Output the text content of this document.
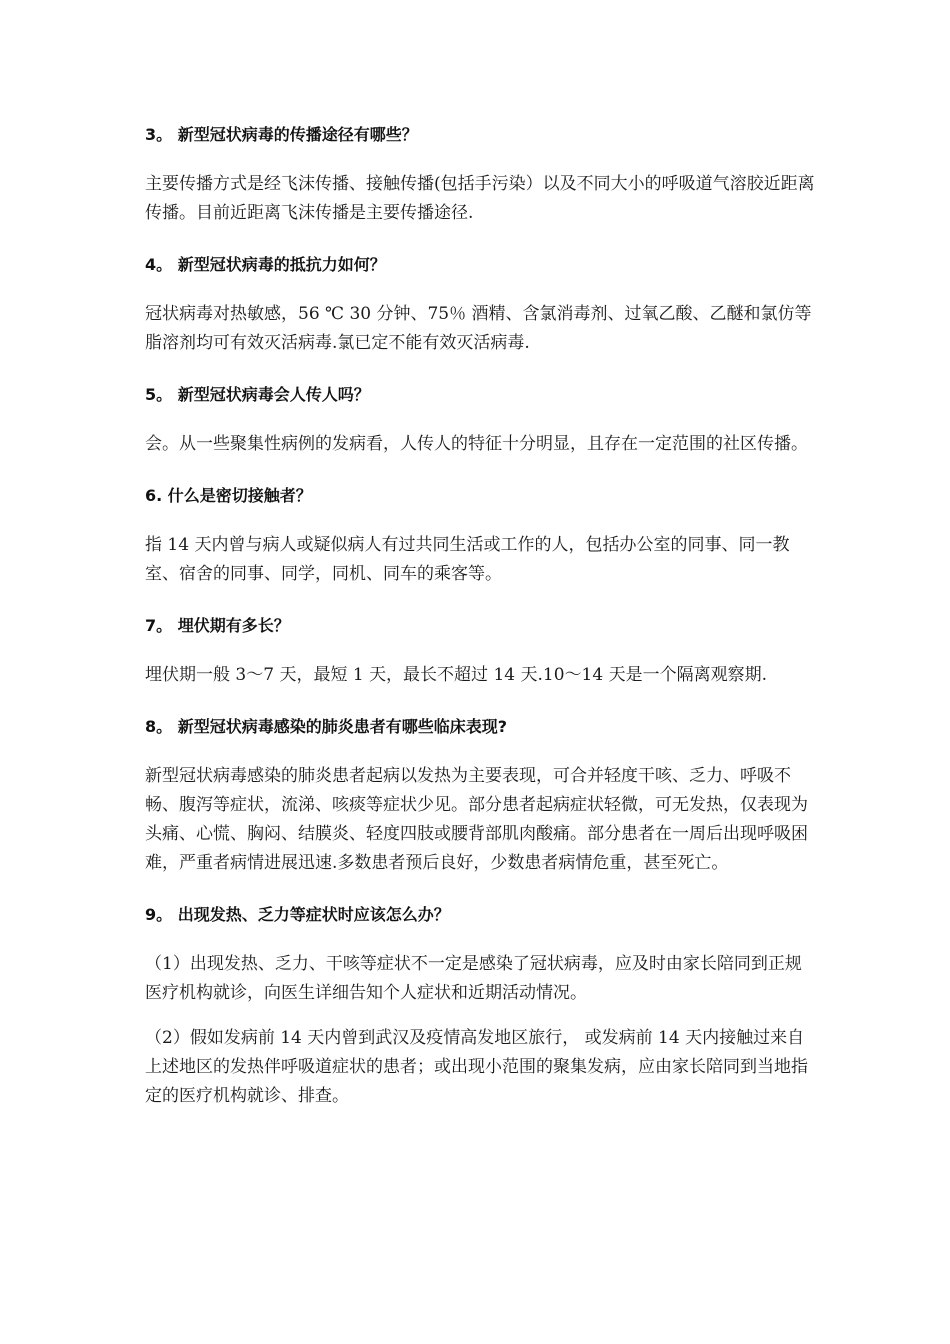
3。 新型冠状病毒的传播途径有哪些？
主要传播方式是经飞沫传播、接触传播(包括手污染）以及不同大小的呼吸道气溶胶近距离传播。目前近距离飞沫传播是主要传播途径.
4。 新型冠状病毒的抵抗力如何？
冠状病毒对热敏感，56 ℃ 30 分钟、75％ 酒精、含氯消毒剂、过氧乙酸、乙醚和氯仿等脂溶剂均可有效灭活病毒.氯已定不能有效灭活病毒.
5。 新型冠状病毒会人传人吗？
会。从一些聚集性病例的发病看，人传人的特征十分明显，且存在一定范围的社区传播。
6. 什么是密切接触者？
指 14 天内曾与病人或疑似病人有过共同生活或工作的人，包括办公室的同事、同一教室、宿舍的同事、同学，同机、同车的乘客等。
7。 埋伏期有多长？
埋伏期一般 3～7 天，最短 1 天，最长不超过 14 天.10～14 天是一个隔离观察期.
8。 新型冠状病毒感染的肺炎患者有哪些临床表现?
新型冠状病毒感染的肺炎患者起病以发热为主要表现，可合并轻度干咳、乏力、呼吸不畅、腹泻等症状，流涕、咳痰等症状少见。部分患者起病症状轻微，可无发热，仅表现为头痛、心慌、胸闷、结膜炎、轻度四肢或腰背部肌肉酸痛。部分患者在一周后出现呼吸困难，严重者病情进展迅速.多数患者预后良好，少数患者病情危重，甚至死亡。
9。 出现发热、乏力等症状时应该怎么办？
（1）出现发热、乏力、干咳等症状不一定是感染了冠状病毒，应及时由家长陪同到正规医疗机构就诊，向医生详细告知个人症状和近期活动情况。
（2）假如发病前 14 天内曾到武汉及疫情高发地区旅行， 或发病前 14 天内接触过来自上述地区的发热伴呼吸道症状的患者；或出现小范围的聚集发病，应由家长陪同到当地指定的医疗机构就诊、排查。
